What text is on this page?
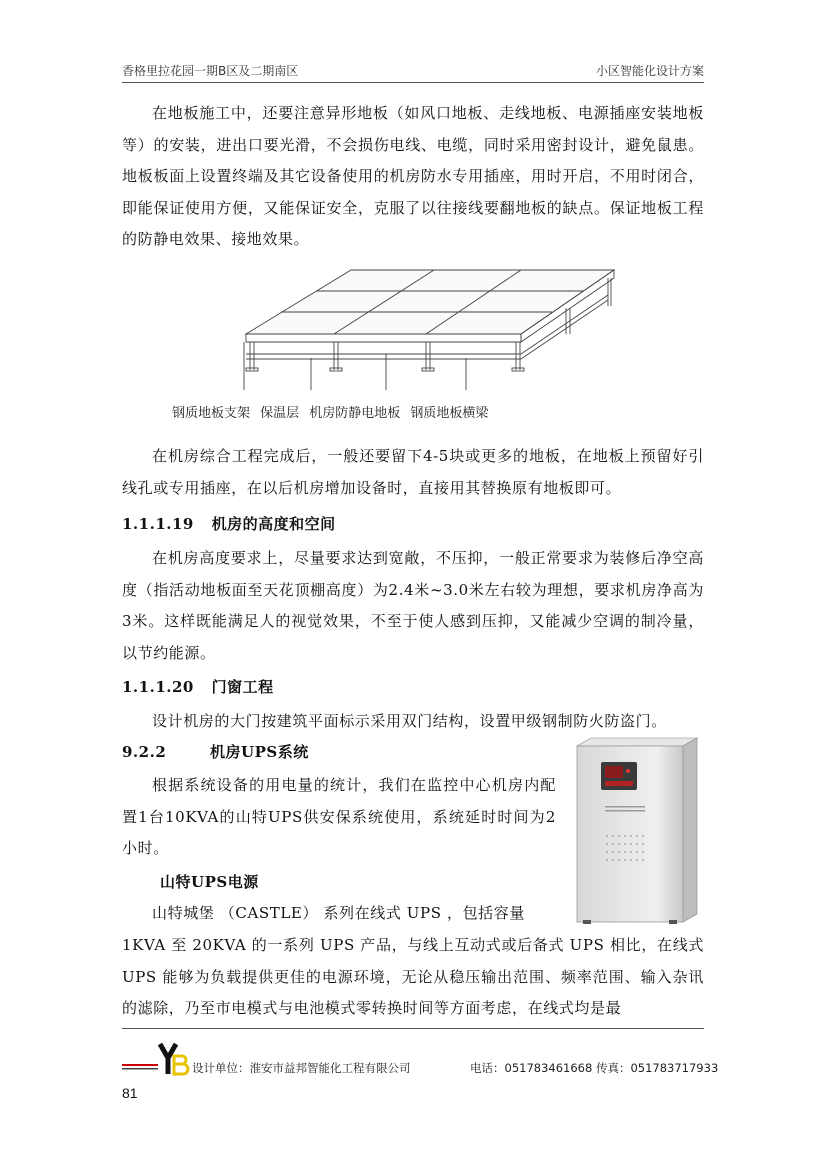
香格里拉花园一期B区及二期南区	小区智能化设计方案

在地板施工中，还要注意异形地板（如风口地板、走线地板、电源插座安装地板等）的安装，进出口要光滑，不会损伤电线、电缆，同时采用密封设计，避免鼠患。地板板面上设置终端及其它设备使用的机房防水专用插座，用时开启，不用时闭合，即能保证使用方便，又能保证安全，克服了以往接线要翻地板的缺点。保证地板工程的防静电效果、接地效果。

钢质地板支架 保温层 机房防静电地板 钢质地板横梁

在机房综合工程完成后，一般还要留下4-5块或更多的地板，在地板上预留好引线孔或专用插座，在以后机房增加设备时，直接用其替换原有地板即可。

1.1.1.19 机房的高度和空间

在机房高度要求上，尽量要求达到宽敞，不压抑，一般正常要求为装修后净空高度（指活动地板面至天花顶棚高度）为2.4米~3.0米左右较为理想，要求机房净高为3米。这样既能满足人的视觉效果，不至于使人感到压抑，又能减少空调的制冷量，以节约能源。

1.1.1.20 门窗工程

设计机房的大门按建筑平面标示采用双门结构，设置甲级钢制防火防盗门。

9.2.2	机房UPS系统

根据系统设备的用电量的统计，我们在监控中心机房内配置1台10KVA的山特UPS供安保系统使用，系统延时时间为2 小时。

山特UPS电源

山特城堡 （CASTLE） 系列在线式 UPS ，包括容量

1KVA 至 20KVA 的一系列 UPS 产品，与线上互动式或后备式 UPS 相比，在线式 UPS 能够为负载提供更佳的电源环境，无论从稳压输出范围、频率范围、输入杂讯的滤除，乃至市电模式与电池模式零转换时间等方面考虑，在线式均是最

设计单位：淮安市益邦智能化工程有限公司	电话：051783461668 传真：051783717933
81
